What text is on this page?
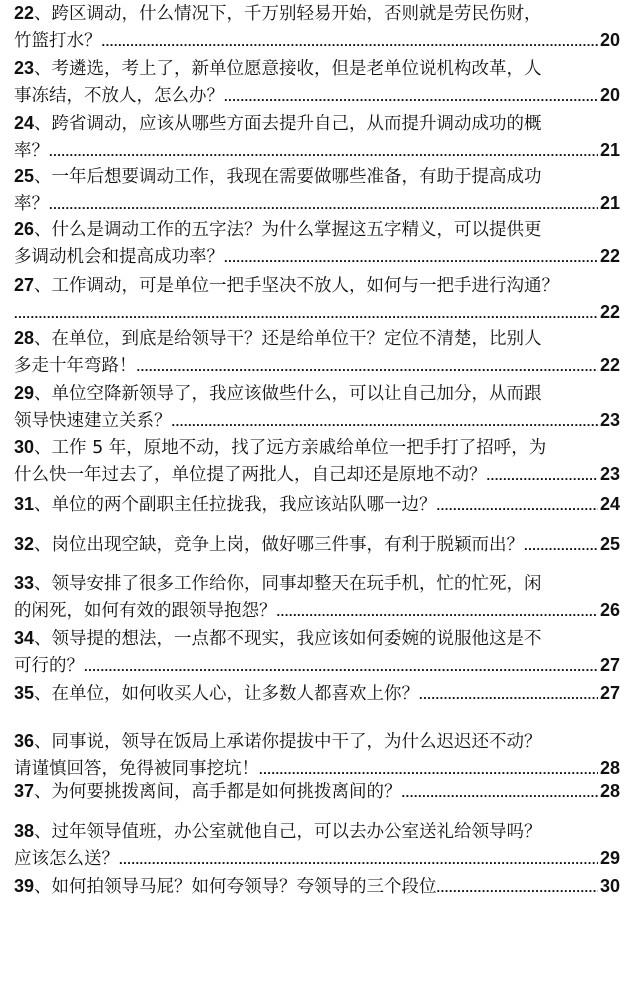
22、跨区调动，什么情况下，千万别轻易开始，否则就是劳民伤财，
竹篮打水？ .....	20
23、考遴选，考上了，新单位愿意接收，但是老单位说机构改革，人
事冻结，不放人，怎么办？ .....	20
24、跨省调动，应该从哪些方面去提升自己，从而提升调动成功的概
率？ .....	21
25、一年后想要调动工作，我现在需要做哪些准备，有助于提高成功
率？ .....	21
26、什么是调动工作的五字法？为什么掌握这五字精义，可以提供更
多调动机会和提高成功率？ .....	22
27、工作调动，可是单位一把手坚决不放人，如何与一把手进行沟通？
.....
22
28、在单位，到底是给领导干？还是给单位干？定位不清楚，比别人
多走十年弯路！ .....	22
29、单位空降新领导了，我应该做些什么，可以让自己加分，从而跟
领导快速建立关系？ .....	23
30、工作 5 年，原地不动，找了远方亲戚给单位一把手打了招呼，为
什么快一年过去了，单位提了两批人，自己却还是原地不动？ .....	23
31、单位的两个副职主任拉拢我，我应该站队哪一边？ .....	24
32、岗位出现空缺，竞争上岗，做好哪三件事，有利于脱颖而出？ .....	25
33、领导安排了很多工作给你，同事却整天在玩手机，忙的忙死，闲
的闲死，如何有效的跟领导抱怨？ .....	26
34、领导提的想法，一点都不现实，我应该如何委婉的说服他这是不
可行的？ .....	27
35、在单位，如何收买人心，让多数人都喜欢上你？ .....	27
36、同事说，领导在饭局上承诺你提拔中干了，为什么迟迟还不动？
请谨慎回答，免得被同事挖坑！ .....	28
37、为何要挑拨离间，高手都是如何挑拨离间的？ .....	28
38、过年领导值班，办公室就他自己，可以去办公室送礼给领导吗？
应该怎么送？ .....	29
39、如何拍领导马屁？如何夸领导？夸领导的三个段位 .....	30
